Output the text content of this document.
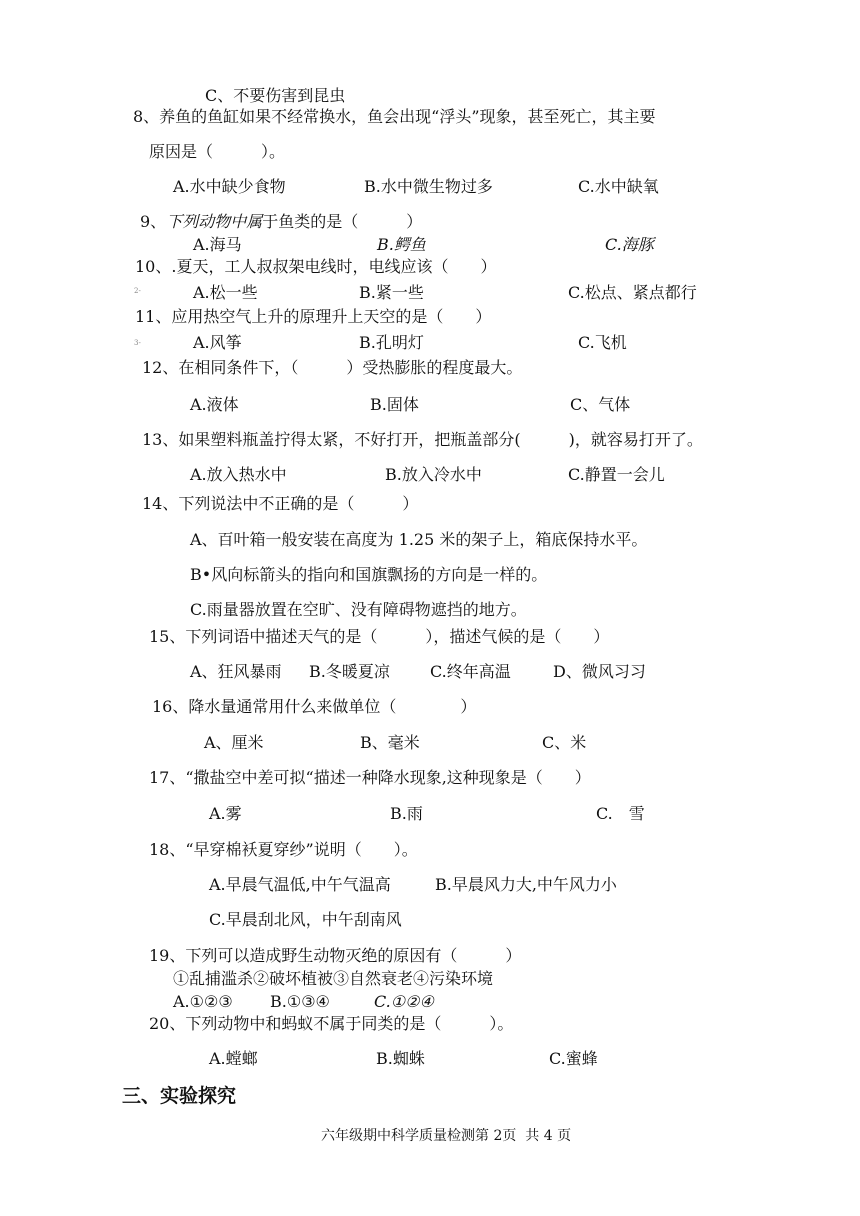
C、不要伤害到昆虫
8、养鱼的鱼缸如果不经常换水，鱼会出现“浮头”现象，甚至死亡，其主要
原因是（　　　）。
A.水中缺少食物	B.水中微生物过多	C.水中缺氧
9、下列动物中属于鱼类的是（　　　）
A.海马	B.鳄鱼	C.海豚
10、.夏天，工人叔叔架电线时，电线应该（　　）
2-	A.松一些	B.紧一些	C.松点、紧点都行
11、应用热空气上升的原理升上天空的是（　　）
3-	A.风筝	B.孔明灯	C.飞机
12、在相同条件下，（　　　）受热膨胀的程度最大。
A.液体	B.固体	C、气体
13、如果塑料瓶盖拧得太紧，不好打开，把瓶盖部分(　　　)，就容易打开了。
A.放入热水中	B.放入冷水中	C.静置一会儿
14、下列说法中不正确的是（　　　）
A、百叶箱一般安装在高度为 1.25 米的架子上，箱底保持水平。
B•风向标箭头的指向和国旗飘扬的方向是一样的。
C.雨量器放置在空旷、没有障碍物遮挡的地方。
15、下列词语中描述天气的是（　　　），描述气候的是（　　）
A、狂风暴雨 B.冬暖夏凉	C.终年高温	D、微风习习
16、降水量通常用什么来做单位（　　　　）
A、厘米	B、毫米	C、米
17、“撒盐空中差可拟“描述一种降水现象,这种现象是（　　）
A.雾	B.雨	C.　雪
18、“早穿棉袄夏穿纱”说明（　　）。
A.早晨气温低,中午气温高	B.早晨风力大,中午风力小
C.早晨刮北风，中午刮南风
19、下列可以造成野生动物灭绝的原因有（　　　）
①乱捕滥杀②破坏植被③自然衰老④污染环境
A.①②③ B.①③④	C.①②④
20、下列动物中和蚂蚁不属于同类的是（　　　）。
A.螳螂	B.蜘蛛	C.蜜蜂
三、实验探究
六年级期中科学质量检测第 2页  共 4 页
